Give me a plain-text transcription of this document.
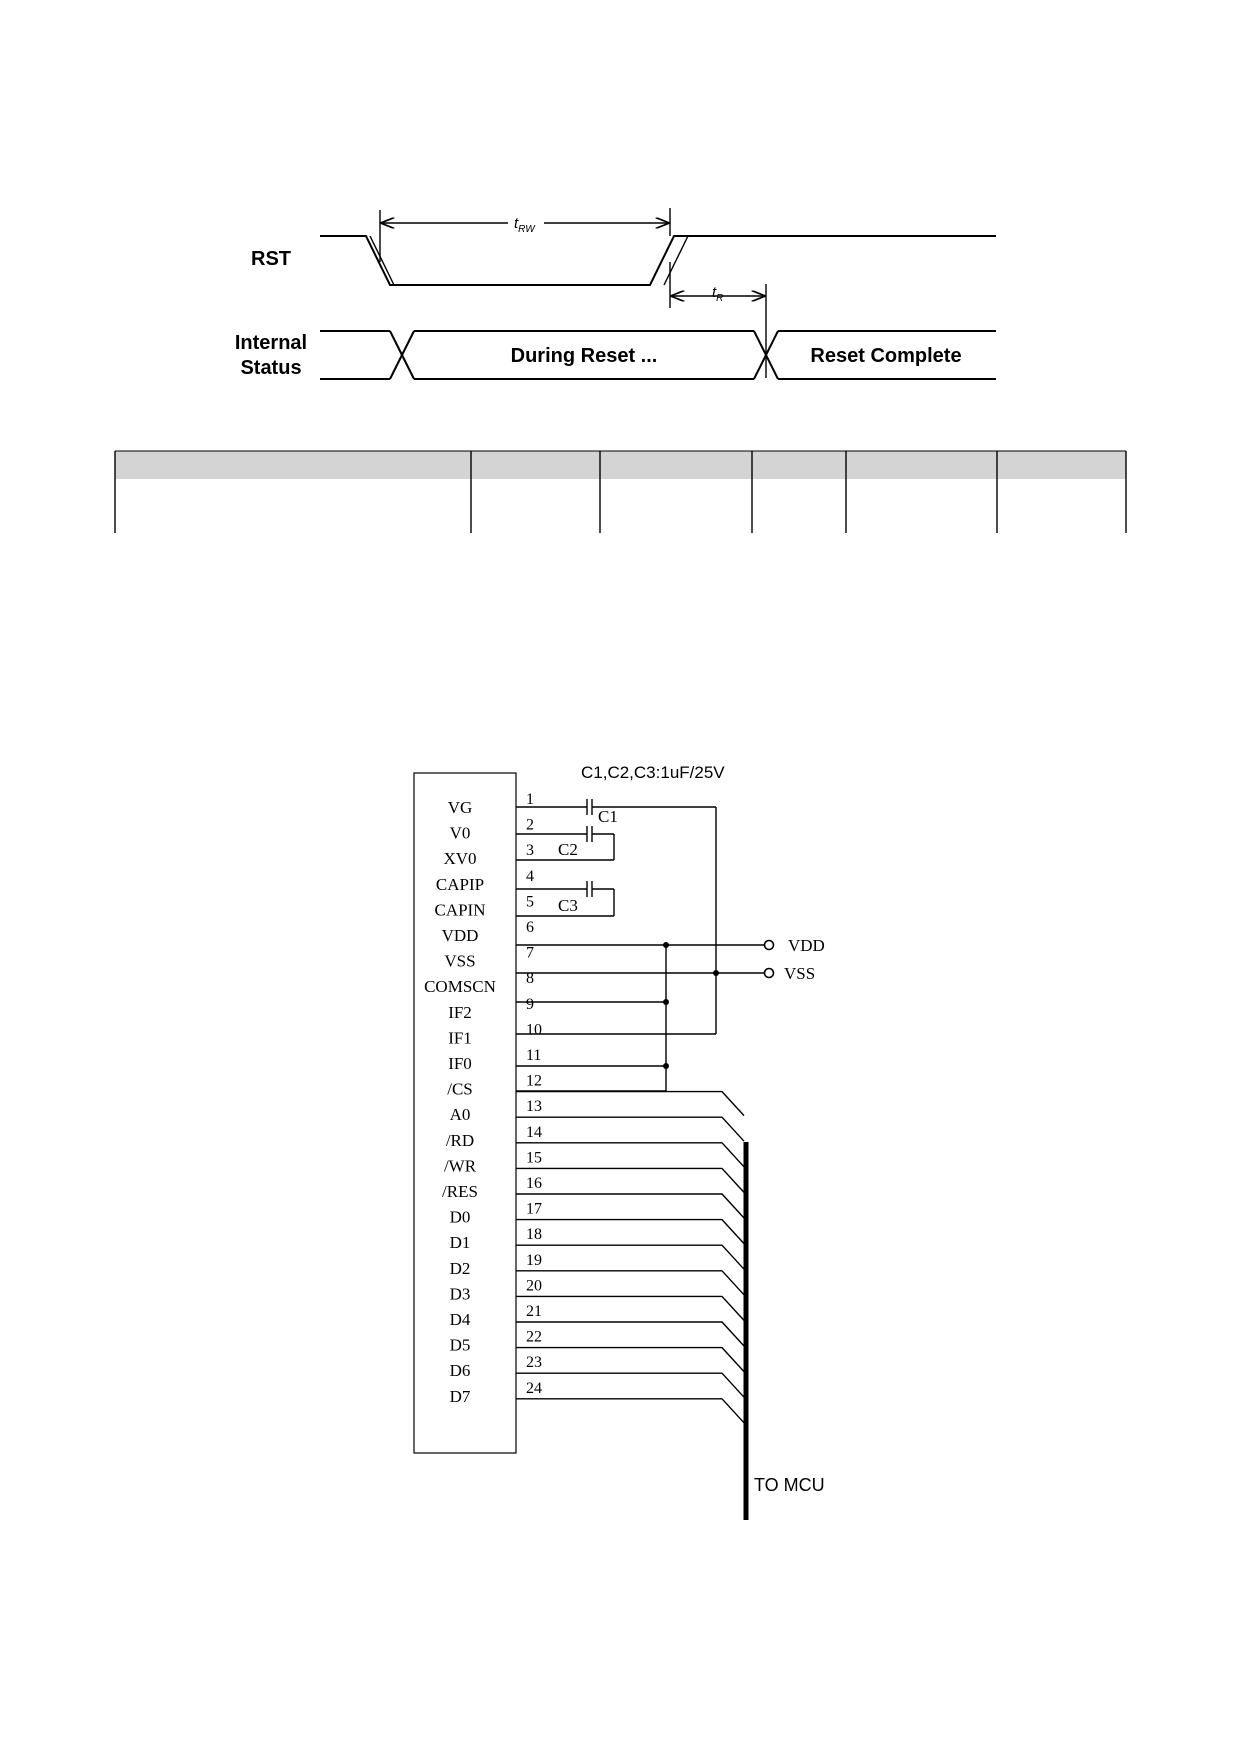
RST
Internal
Status
$t_{RW}$
$t_R$
During Reset ...	Reset Complete
C1,C2,C3:1uF/25V
VG	1
V0	2
XV0	3
CAPIP	4
CAPIN	5
VDD	6
VSS	7
COMSCN 8
IF2	9
IF1	10
IF0	11
/CS	12
A0	13
/RD	14
/WR	15
/RES	16
D0	17
D1	18
D2	19
D3	20
D4	21
D5	22
D6	23
D7	24
C1
C2
C3
VDD
VSS
TO MCU
